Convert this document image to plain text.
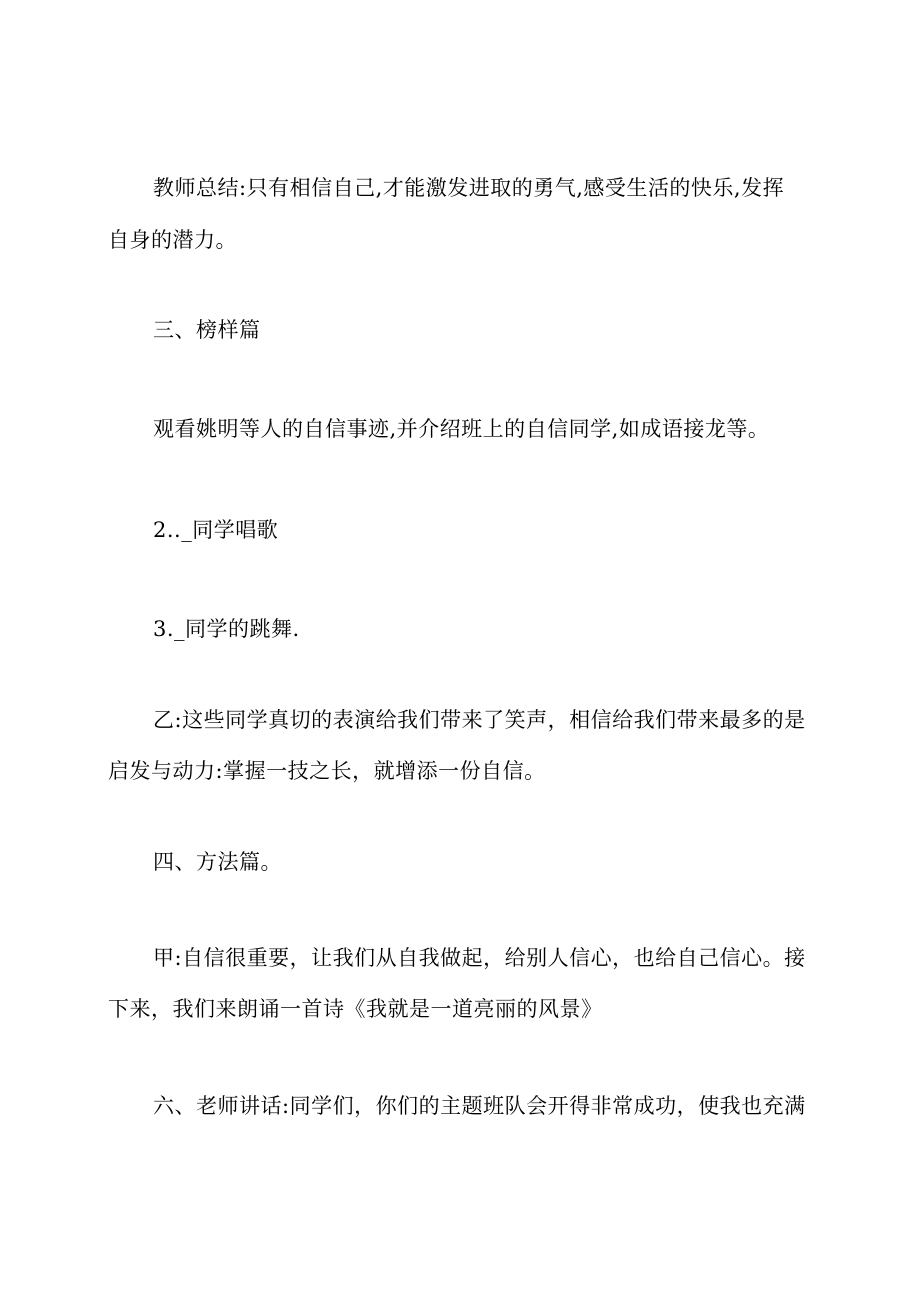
教师总结:只有相信自己,才能激发进取的勇气,感受生活的快乐,发挥
自身的潜力。
三、榜样篇
观看姚明等人的自信事迹,并介绍班上的自信同学,如成语接龙等。
2.._同学唱歌
3._同学的跳舞.
乙:这些同学真切的表演给我们带来了笑声，相信给我们带来最多的是
启发与动力:掌握一技之长，就增添一份自信。
四、方法篇。
甲:自信很重要，让我们从自我做起，给别人信心，也给自己信心。接
下来，我们来朗诵一首诗《我就是一道亮丽的风景》
六、老师讲话:同学们，你们的主题班队会开得非常成功，使我也充满
